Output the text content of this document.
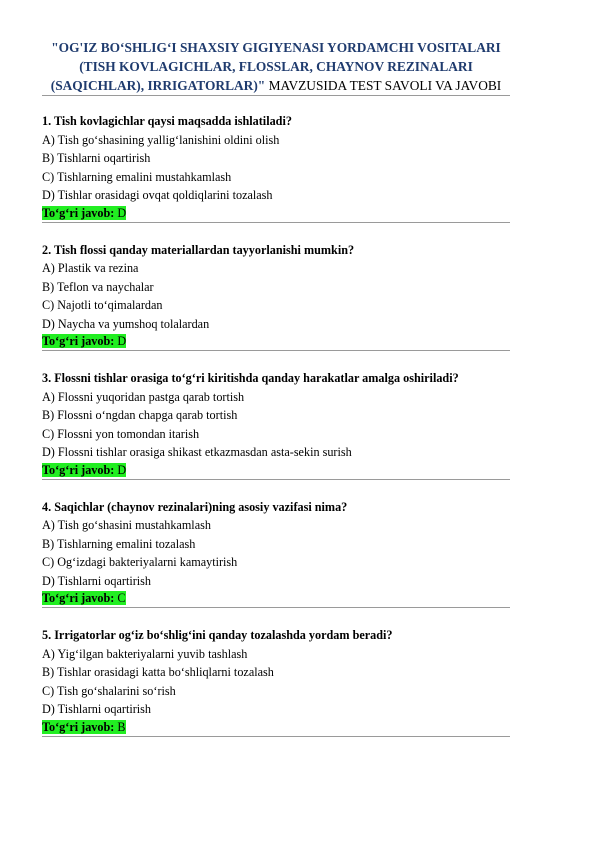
"OG'IZ BO‘SHLIG‘I SHAXSIY GIGIYENASI YORDAMCHI VOSITALARI (TISH KOVLAGICHLAR, FLOSSLAR, CHAYNOV REZINALARI (SAQICHLAR), IRRIGATORLAR)" MAVZUSIDA TEST SAVOLI VA JAVOBI

1. Tish kovlagichlar qaysi maqsadda ishlatiladi?
A) Tish go‘shasining yallig‘lanishini oldini olish
B) Tishlarni oqartirish
C) Tishlarning emalini mustahkamlash
D) Tishlar orasidagi ovqat qoldiqlarini tozalash
To‘g‘ri javob: D
2. Tish flossi qanday materiallardan tayyorlanishi mumkin?
A) Plastik va rezina
B) Teflon va naychalar
C) Najotli to‘qimalardan
D) Naycha va yumshoq tolalardan
To‘g‘ri javob: D
3. Flossni tishlar orasiga to‘g‘ri kiritishda qanday harakatlar amalga oshiriladi?
A) Flossni yuqoridan pastga qarab tortish
B) Flossni o‘ngdan chapga qarab tortish
C) Flossni yon tomondan itarish
D) Flossni tishlar orasiga shikast etkazmasdan asta-sekin surish
To‘g‘ri javob: D
4. Saqichlar (chaynov rezinalari)ning asosiy vazifasi nima?
A) Tish go‘shasini mustahkamlash
B) Tishlarning emalini tozalash
C) Og‘izdagi bakteriyalarni kamaytirish
D) Tishlarni oqartirish
To‘g‘ri javob: C
5. Irrigatorlar og‘iz bo‘shlig‘ini qanday tozalashda yordam beradi?
A) Yig‘ilgan bakteriyalarni yuvib tashlash
B) Tishlar orasidagi katta bo‘shliqlarni tozalash
C) Tish go‘shalarini so‘rish
D) Tishlarni oqartirish
To‘g‘ri javob: B
